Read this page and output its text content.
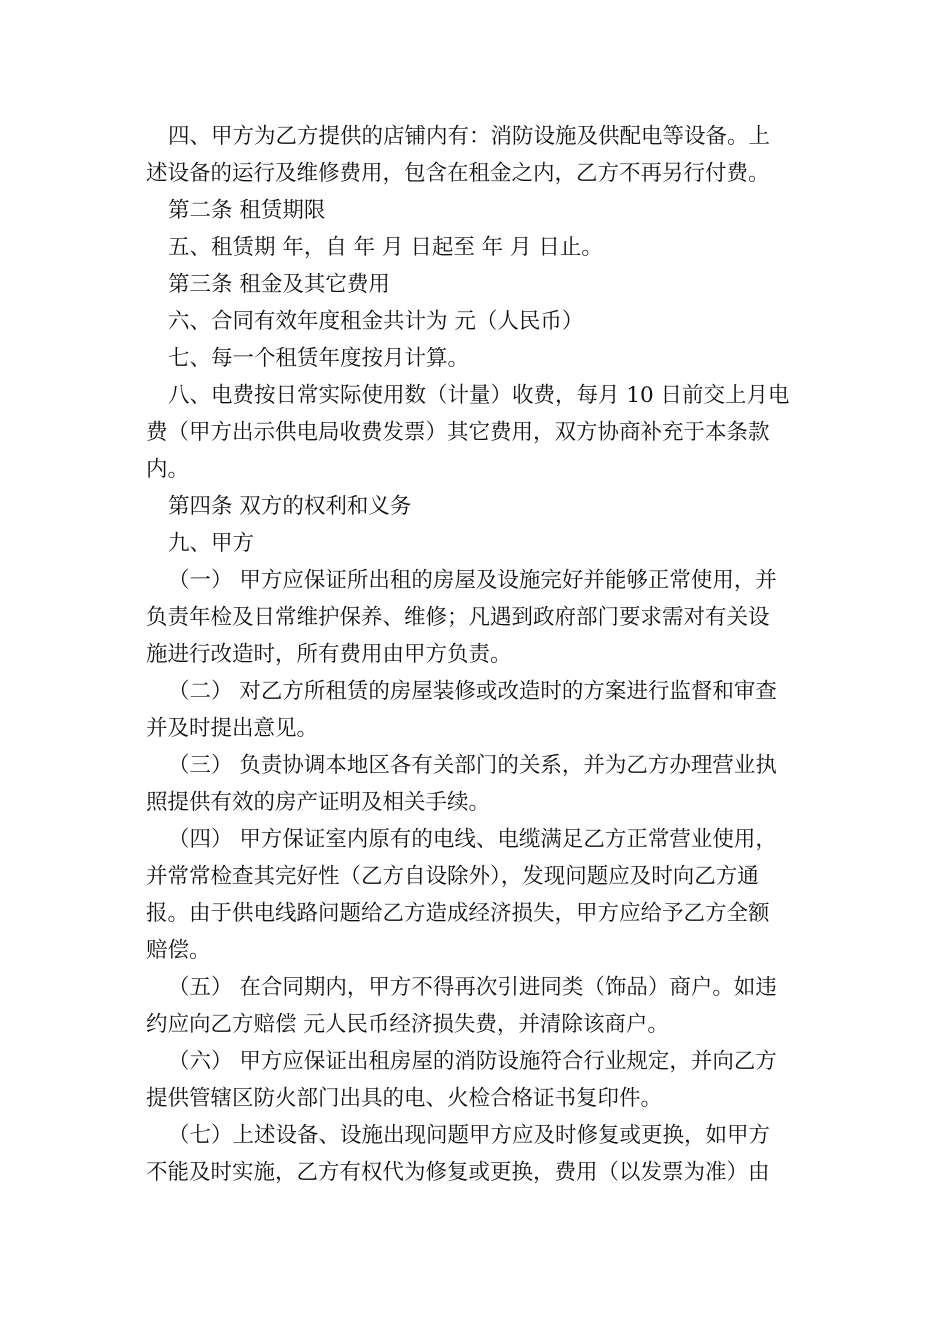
四、甲方为乙方提供的店铺内有：消防设施及供配电等设备。上
述设备的运行及维修费用，包含在租金之内，乙方不再另行付费。
第二条 租赁期限
五、租赁期 年，自 年 月 日起至 年 月 日止。
第三条 租金及其它费用
六、合同有效年度租金共计为 元（人民币）
七、每一个租赁年度按月计算。
八、电费按日常实际使用数（计量）收费，每月 10 日前交上月电
费（甲方出示供电局收费发票）其它费用，双方协商补充于本条款
内。
第四条 双方的权利和义务
九、甲方
（一） 甲方应保证所出租的房屋及设施完好并能够正常使用，并
负责年检及日常维护保养、维修；凡遇到政府部门要求需对有关设
施进行改造时，所有费用由甲方负责。
（二） 对乙方所租赁的房屋装修或改造时的方案进行监督和审查
并及时提出意见。
（三） 负责协调本地区各有关部门的关系，并为乙方办理营业执
照提供有效的房产证明及相关手续。
（四） 甲方保证室内原有的电线、电缆满足乙方正常营业使用，
并常常检查其完好性（乙方自设除外），发现问题应及时向乙方通
报。由于供电线路问题给乙方造成经济损失，甲方应给予乙方全额
赔偿。
（五） 在合同期内，甲方不得再次引进同类（饰品）商户。如违
约应向乙方赔偿 元人民币经济损失费，并清除该商户。
（六） 甲方应保证出租房屋的消防设施符合行业规定，并向乙方
提供管辖区防火部门出具的电、火检合格证书复印件。
（七）上述设备、设施出现问题甲方应及时修复或更换，如甲方
不能及时实施，乙方有权代为修复或更换，费用（以发票为准）由
